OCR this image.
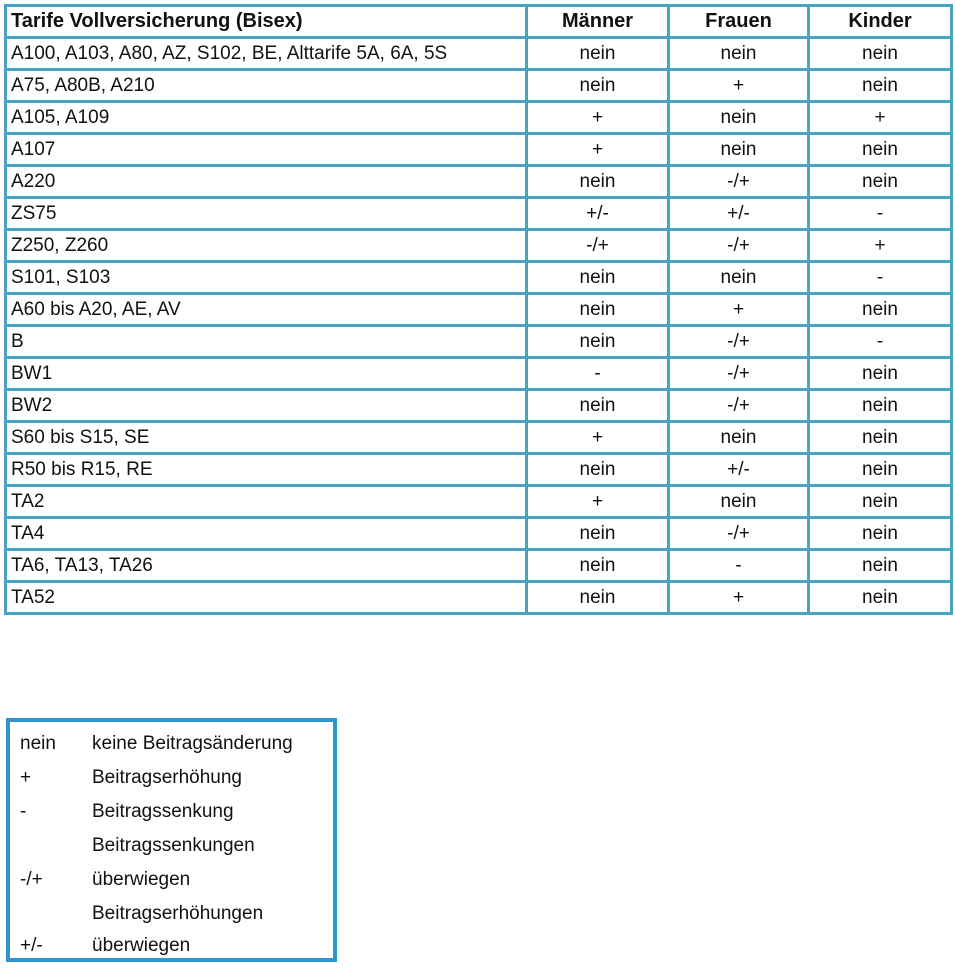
Tarife Vollversicherung (Bisex)	Männer	Frauen	Kinder
A100, A103, A80, AZ, S102, BE, Alttarife 5A, 6A, 5S	nein	nein	nein
A75, A80B, A210	nein	+	nein
A105, A109	+	nein	+
A107	+	nein	nein
A220	nein	-/+	nein
ZS75	+/-	+/-	-
Z250, Z260	-/+	-/+	+
S101, S103	nein	nein	-
A60 bis A20, AE, AV	nein	+	nein
B	nein	-/+	-
BW1	-	-/+	nein
BW2	nein	-/+	nein
S60 bis S15, SE	+	nein	nein
R50 bis R15, RE	nein	+/-	nein
TA2	+	nein	nein
TA4	nein	-/+	nein
TA6, TA13, TA26	nein	-	nein
TA52	nein	+	nein
nein	keine Beitragsänderung
+	Beitragserhöhung
-	Beitragssenkung
Beitragssenkungen
-/+	überwiegen
Beitragserhöhungen
+/-	überwiegen
